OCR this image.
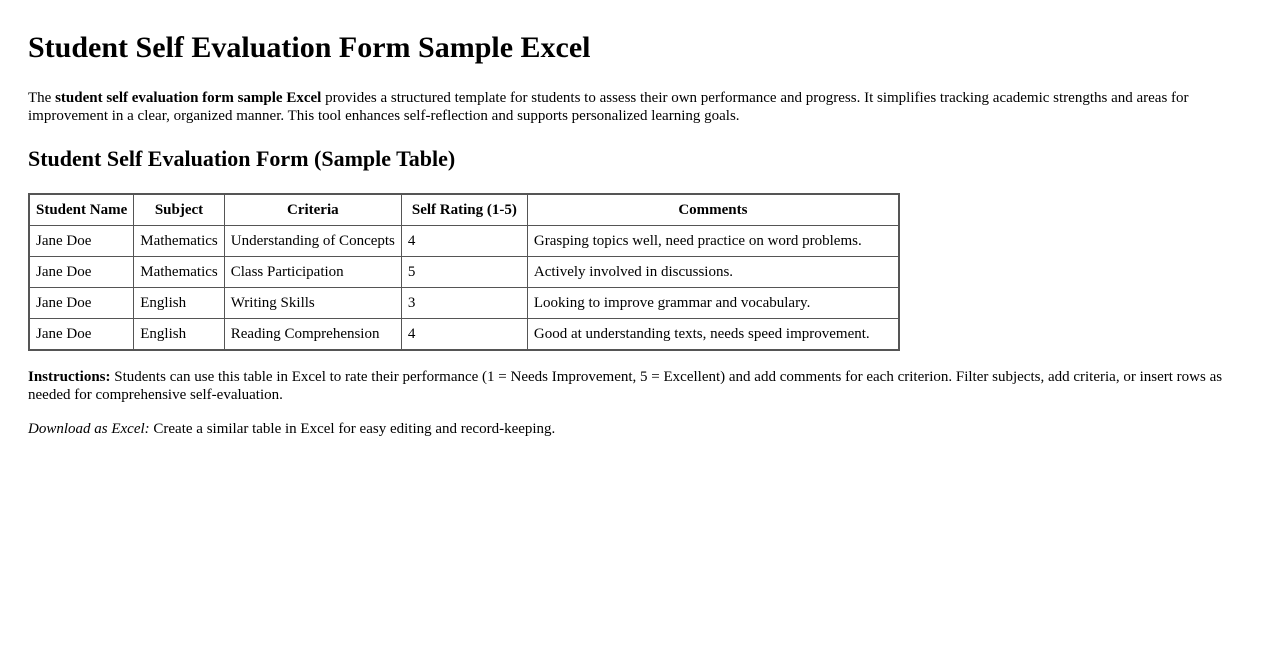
Student Self Evaluation Form Sample Excel

The student self evaluation form sample Excel provides a structured template for students to assess their own performance and progress. It simplifies tracking academic strengths and areas for improvement in a clear, organized manner. This tool enhances self-reflection and supports personalized learning goals.

Student Self Evaluation Form (Sample Table)
Student Name	Subject	Criteria	Self Rating (1-5)	Comments
Jane Doe	Mathematics	Understanding of Concepts	4	Grasping topics well, need practice on word problems.
Jane Doe	Mathematics	Class Participation	5	Actively involved in discussions.
Jane Doe	English	Writing Skills	3	Looking to improve grammar and vocabulary.
Jane Doe	English	Reading Comprehension	4	Good at understanding texts, needs speed improvement.

Instructions: Students can use this table in Excel to rate their performance (1 = Needs Improvement, 5 = Excellent) and add comments for each criterion. Filter subjects, add criteria, or insert rows as needed for comprehensive self-evaluation.

Download as Excel: Create a similar table in Excel for easy editing and record-keeping.
